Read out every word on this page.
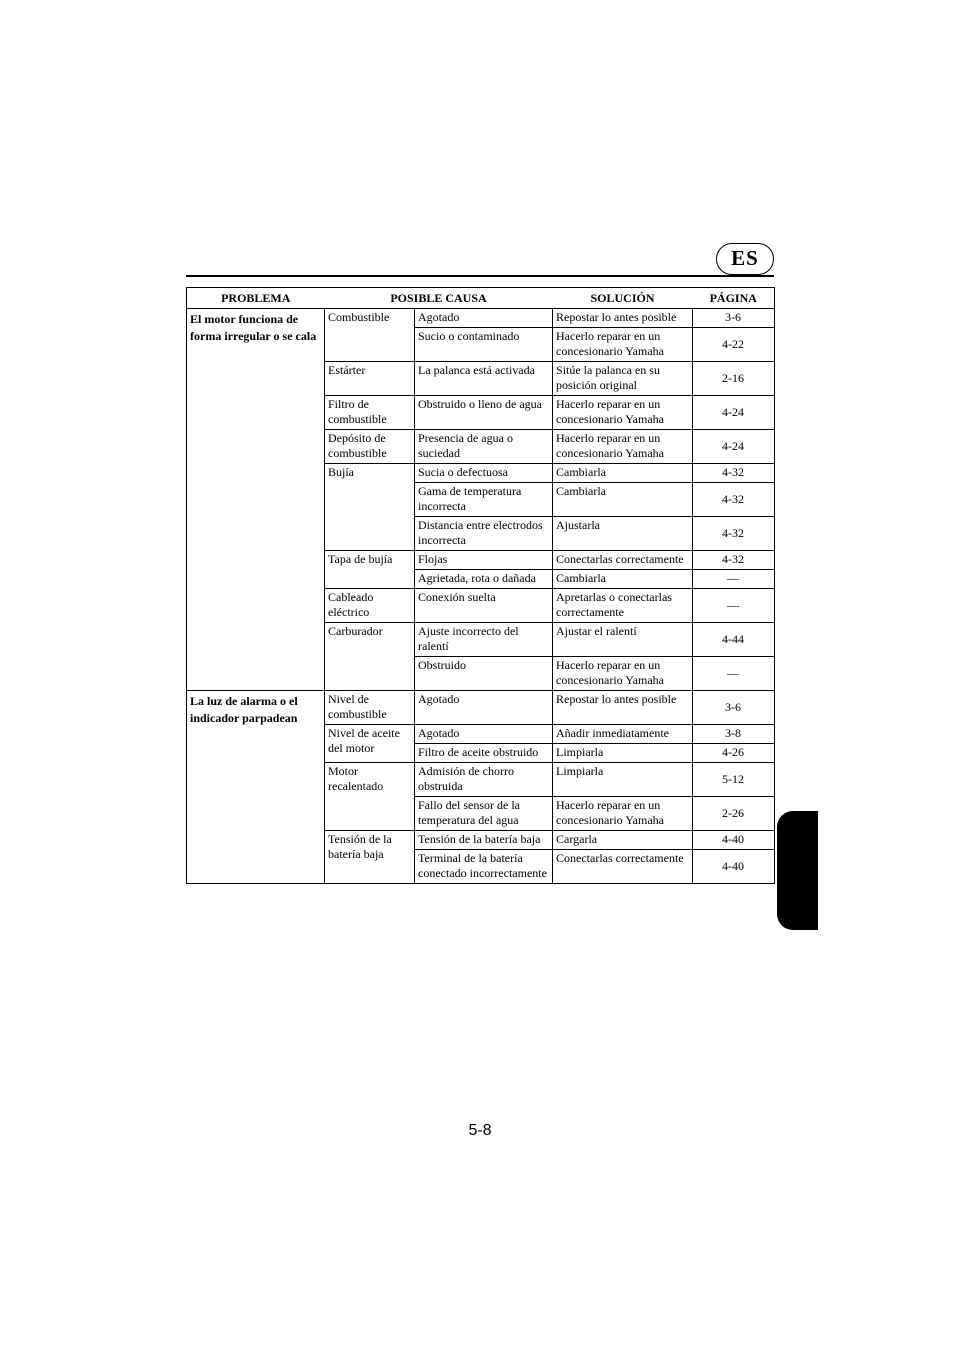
ES
PROBLEMA	POSIBLE CAUSA		SOLUCIÓN	PÁGINA
El motor funciona de forma irregular o se cala	Combustible	Agotado	Repostar lo antes posible	3-6
		Sucio o contaminado	Hacerlo reparar en un concesionario Yamaha	4-22
	Estárter	La palanca está activada	Sitúe la palanca en su posición original	2-16
	Filtro de combustible	Obstruido o lleno de agua	Hacerlo reparar en un concesionario Yamaha	4-24
	Depósito de combustible	Presencia de agua o suciedad	Hacerlo reparar en un concesionario Yamaha	4-24
	Bujía	Sucia o defectuosa	Cambiarla	4-32
		Gama de temperatura incorrecta	Cambiarla	4-32
		Distancia entre electrodos incorrecta	Ajustarla	4-32
	Tapa de bujía	Flojas	Conectarlas correctamente	4-32
		Agrietada, rota o dañada	Cambiarla	—
	Cableado eléctrico	Conexión suelta	Apretarlas o conectarlas correctamente	—
	Carburador	Ajuste incorrecto del ralentí	Ajustar el ralentí	4-44
		Obstruido	Hacerlo reparar en un concesionario Yamaha	—
La luz de alarma o el indicador parpadean	Nivel de combustible	Agotado	Repostar lo antes posible	3-6
	Nivel de aceite del motor	Agotado	Añadir inmediatamente	3-8
		Filtro de aceite obstruido	Limpiarla	4-26
	Motor recalentado	Admisión de chorro obstruida	Limpiarla	5-12
		Fallo del sensor de la temperatura del agua	Hacerlo reparar en un concesionario Yamaha	2-26
	Tensión de la batería baja	Tensión de la batería baja	Cargarla	4-40
		Terminal de la batería conectado incorrectamente	Conectarlas correctamente	4-40
5-8
